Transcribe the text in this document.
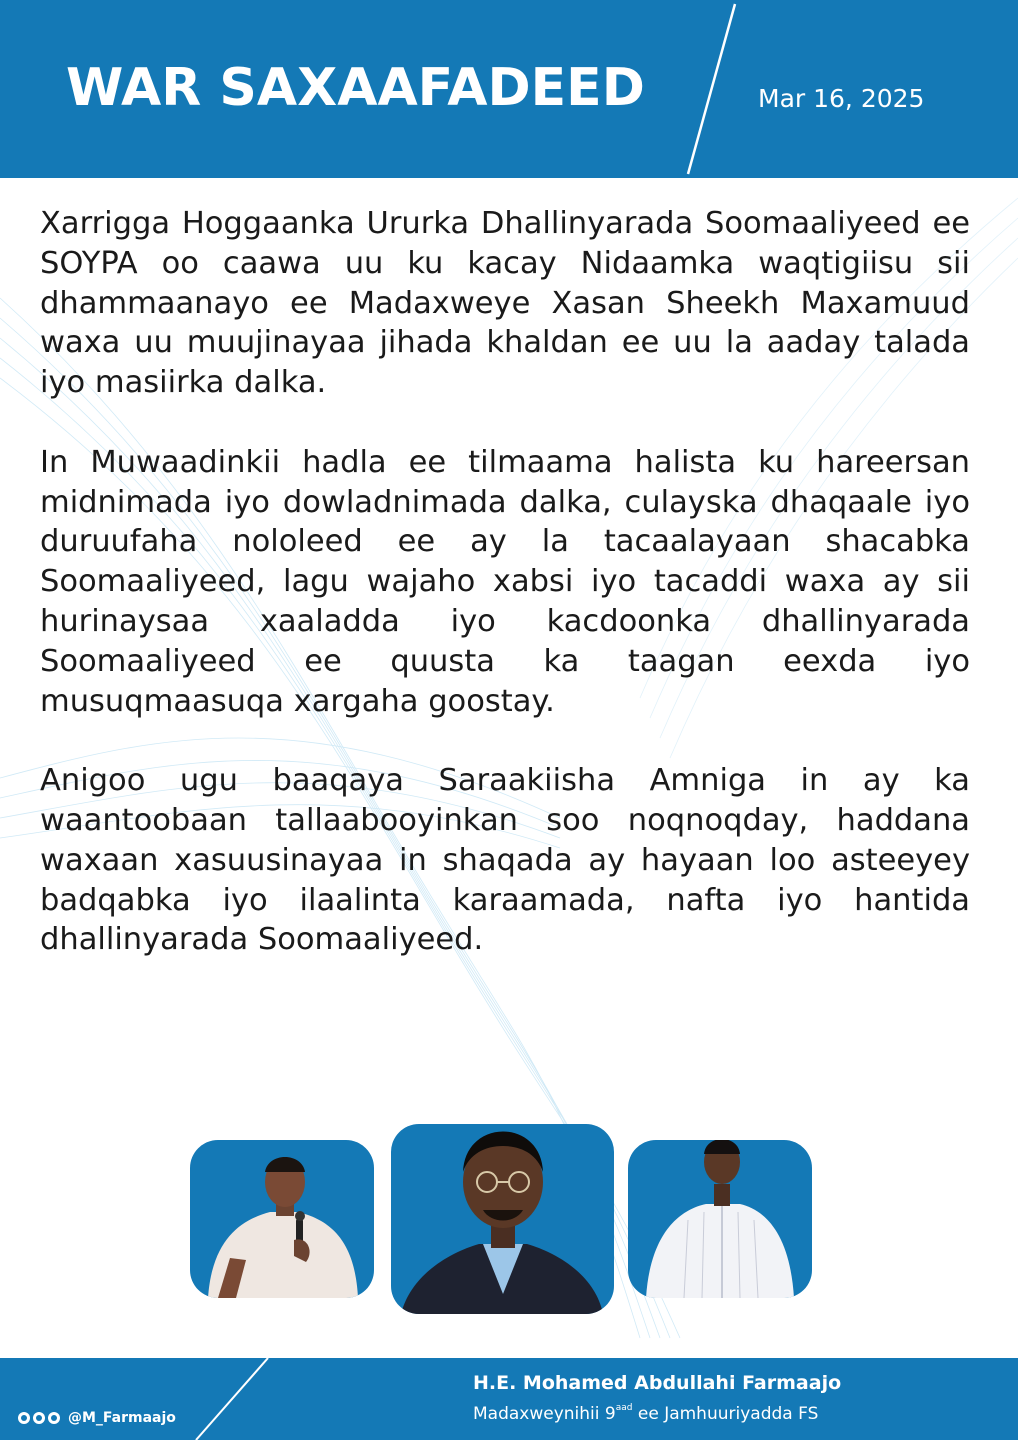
WAR SAXAAFADEED	Mar 16, 2025

Xarrigga Hoggaanka Ururka Dhallinyarada Soomaaliyeed ee SOYPA oo caawa uu ku kacay Nidaamka waqtigiisu sii dhammaanayo ee Madaxweye Xasan Sheekh Maxamuud waxa uu muujinayaa jihada khaldan ee uu la aaday talada iyo masiirka dalka.

In Muwaadinkii hadla ee tilmaama halista ku hareersan midnimada iyo dowladnimada dalka, culayska dhaqaale iyo duruufaha nololeed ee ay la tacaalayaan shacabka Soomaaliyeed, lagu wajaho xabsi iyo tacaddi waxa ay sii hurinaysaa xaaladda iyo kacdoonka dhallinyarada Soomaaliyeed ee quusta ka taagan eexda iyo musuqmaasuqa xargaha goostay.

Anigoo ugu baaqaya Saraakiisha Amniga in ay ka waantoobaan tallaabooyinkan soo noqnoqday, haddana waxaan xasuusinayaa in shaqada ay hayaan loo asteeyey badqabka iyo ilaalinta karaamada, nafta iyo hantida dhallinyarada Soomaaliyeed.

@M_Farmaajo
H.E. Mohamed Abdullahi Farmaajo
Madaxweynihii $9^{aad}$ ee Jamhuuriyadda FS
